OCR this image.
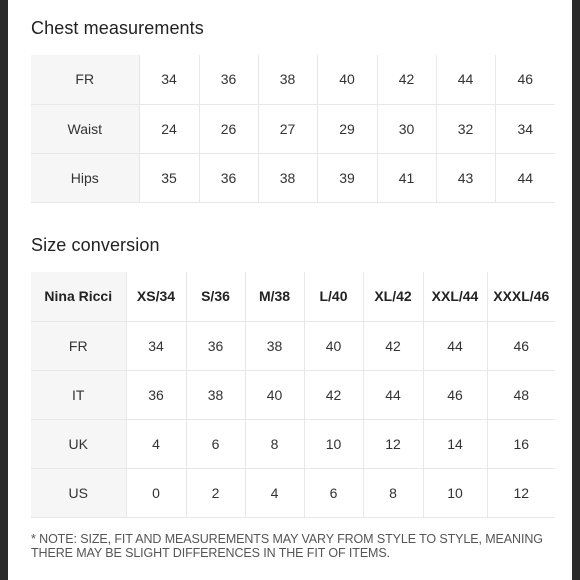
Chest measurements
FR	34	36	38	40	42	44	46
Waist	24	26	27	29	30	32	34
Hips	35	36	38	39	41	43	44
Size conversion
Nina Ricci	XS/34	S/36	M/38	L/40	XL/42	XXL/44	XXXL/46
FR	34	36	38	40	42	44	46
IT	36	38	40	42	44	46	48
UK	4	6	8	10	12	14	16
US	0	2	4	6	8	10	12

* NOTE: SIZE, FIT AND MEASUREMENTS MAY VARY FROM STYLE TO STYLE, MEANING THERE MAY BE SLIGHT DIFFERENCES IN THE FIT OF ITEMS.
